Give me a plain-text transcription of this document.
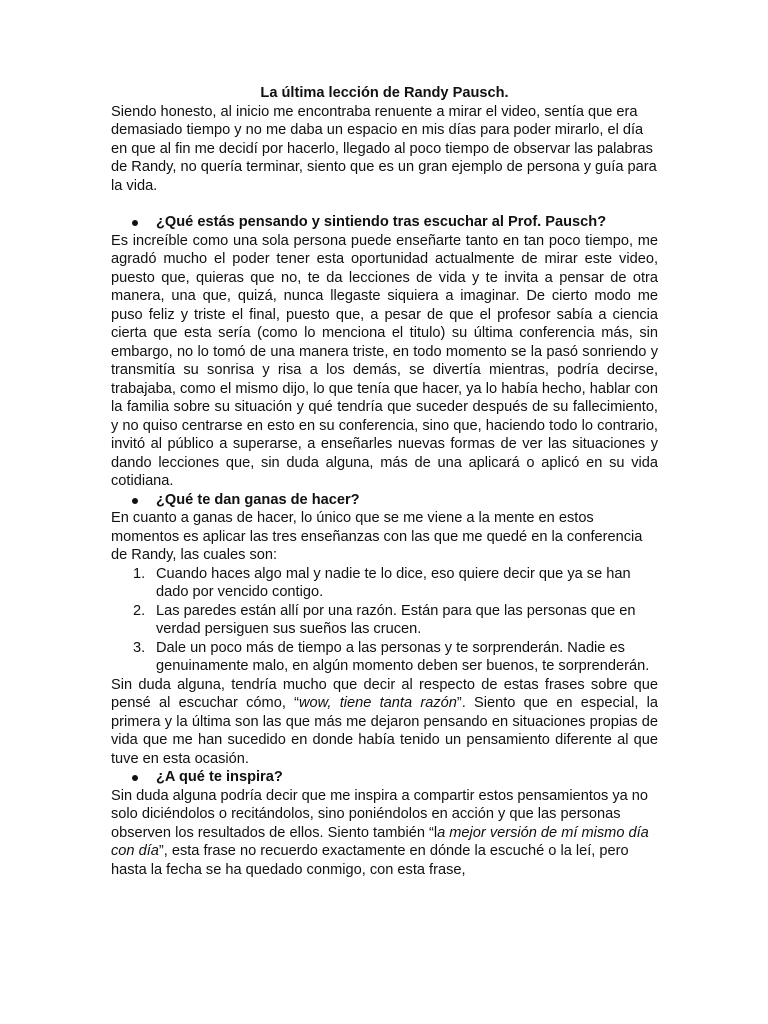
La última lección de Randy Pausch.

Siendo honesto, al inicio me encontraba renuente a mirar el video, sentía que era demasiado tiempo y no me daba un espacio en mis días para poder mirarlo, el día en que al fin me decidí por hacerlo, llegado al poco tiempo de observar las palabras de Randy, no quería terminar, siento que es un gran ejemplo de persona y guía para la vida.

¿Qué estás pensando y sintiendo tras escuchar al Prof. Pausch?

Es increíble como una sola persona puede enseñarte tanto en tan poco tiempo, me agradó mucho el poder tener esta oportunidad actualmente de mirar este video, puesto que, quieras que no, te da lecciones de vida y te invita a pensar de otra manera, una que, quizá, nunca llegaste siquiera a imaginar. De cierto modo me puso feliz y triste el final, puesto que, a pesar de que el profesor sabía a ciencia cierta que esta sería (como lo menciona el titulo) su última conferencia más, sin embargo, no lo tomó de una manera triste, en todo momento se la pasó sonriendo y transmitía su sonrisa y risa a los demás, se divertía mientras, podría decirse, trabajaba, como el mismo dijo, lo que tenía que hacer, ya lo había hecho, hablar con la familia sobre su situación y qué tendría que suceder después de su fallecimiento, y no quiso centrarse en esto en su conferencia, sino que, haciendo todo lo contrario, invitó al público a superarse, a enseñarles nuevas formas de ver las situaciones y dando lecciones que, sin duda alguna, más de una aplicará o aplicó en su vida cotidiana.

¿Qué te dan ganas de hacer?

En cuanto a ganas de hacer, lo único que se me viene a la mente en estos momentos es aplicar las tres enseñanzas con las que me quedé en la conferencia de Randy, las cuales son:

1. Cuando haces algo mal y nadie te lo dice, eso quiere decir que ya se han dado por vencido contigo.
2. Las paredes están allí por una razón. Están para que las personas que en verdad persiguen sus sueños las crucen.
3. Dale un poco más de tiempo a las personas y te sorprenderán. Nadie es genuinamente malo, en algún momento deben ser buenos, te sorprenderán.

Sin duda alguna, tendría mucho que decir al respecto de estas frases sobre que pensé al escuchar cómo, “wow, tiene tanta razón”. Siento que en especial, la primera y la última son las que más me dejaron pensando en situaciones propias de vida que me han sucedido en donde había tenido un pensamiento diferente al que tuve en esta ocasión.

¿A qué te inspira?

Sin duda alguna podría decir que me inspira a compartir estos pensamientos ya no solo diciéndolos o recitándolos, sino poniéndolos en acción y que las personas observen los resultados de ellos. Siento también “la mejor versión de mí mismo día con día”, esta frase no recuerdo exactamente en dónde la escuché o la leí, pero hasta la fecha se ha quedado conmigo, con esta frase,
